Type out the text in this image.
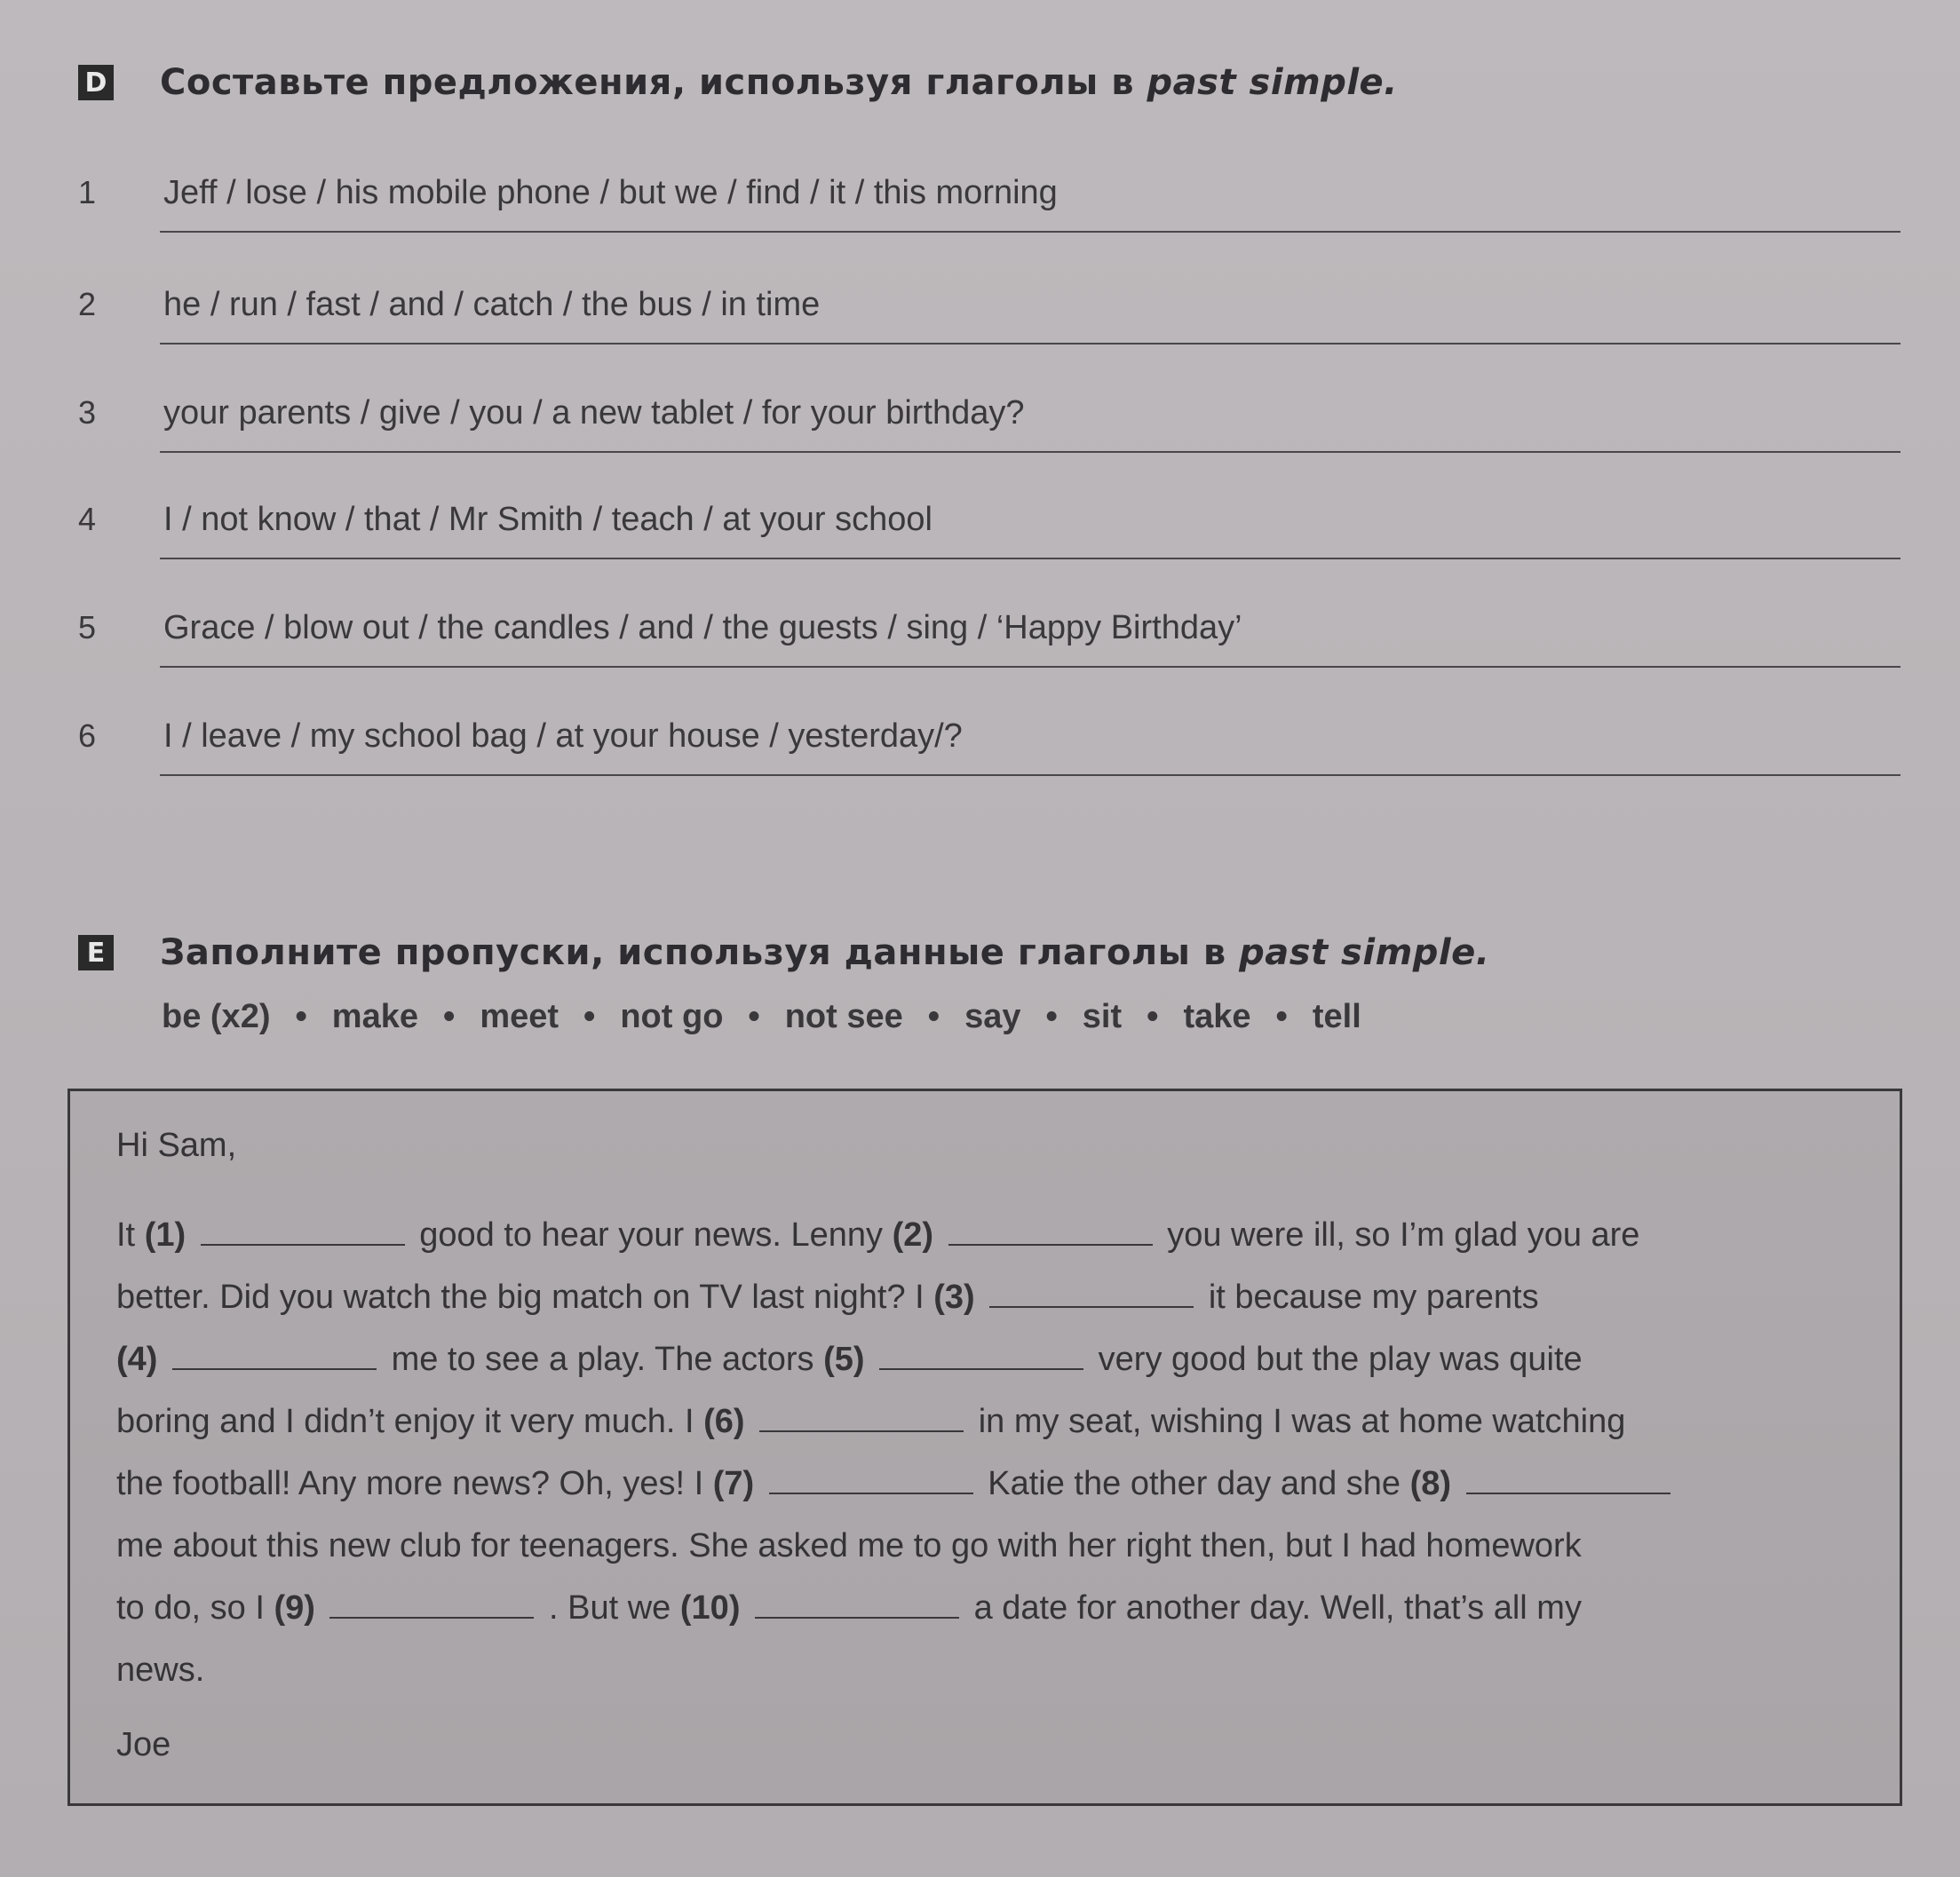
D Составьте предложения, используя глаголы в past simple.
1 Jeff / lose / his mobile phone / but we / find / it / this morning
2 he / run / fast / and / catch / the bus / in time
3 your parents / give / you / a new tablet / for your birthday?
4 I / not know / that / Mr Smith / teach / at your school
5 Grace / blow out / the candles / and / the guests / sing / ‘Happy Birthday’
6 I / leave / my school bag / at your house / yesterday/?
E Заполните пропуски, используя данные глаголы в past simple.
be (x2) • make • meet • not go • not see • say • sit • take • tell
Hi Sam,
It (1)	good to hear your news. Lenny (2)	you were ill, so I’m glad you are
better. Did you watch the big match on TV last night? I (3)	it because my parents
(4)	me to see a play. The actors (5)	very good but the play was quite
boring and I didn’t enjoy it very much. I (6)	in my seat, wishing I was at home watching
the football! Any more news? Oh, yes! I (7)	Katie the other day and she (8)
me about this new club for teenagers. She asked me to go with her right then, but I had homework
to do, so I (9)	. But we (10)	a date for another day. Well, that’s all my
news.
Joe
